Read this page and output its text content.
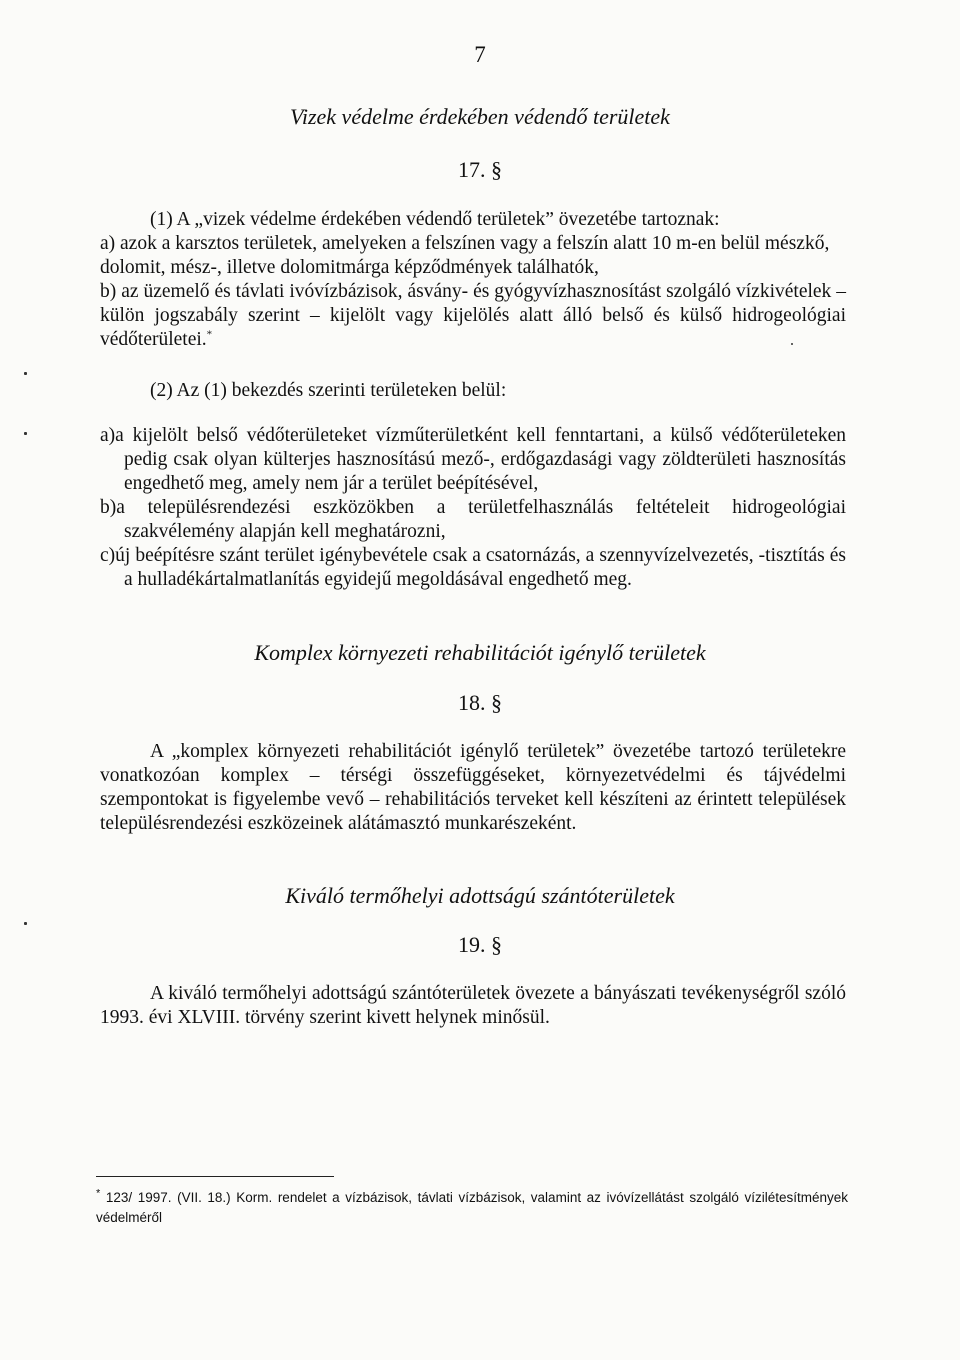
7
Vizek védelme érdekében védendő területek
17. §
(1) A „vizek védelme érdekében védendő területek” övezetébe tartoznak:
a) azok a karsztos területek, amelyeken a felszínen vagy a felszín alatt 10 m-en belül mészkő, dolomit, mész-, illetve dolomitmárga képződmények találhatók,
b) az üzemelő és távlati ivóvízbázisok, ásvány- és gyógyvízhasznosítást szolgáló vízkivételek – külön jogszabály szerint – kijelölt vagy kijelölés alatt álló belső és külső hidrogeológiai védőterületei.*
(2) Az (1) bekezdés szerinti területeken belül:
a)a kijelölt belső védőterületeket vízműterületként kell fenntartani, a külső védőterületeken pedig csak olyan külterjes hasznosítású mező-, erdőgazdasági vagy zöldterületi hasznosítás engedhető meg, amely nem jár a terület beépítésével,
b)a településrendezési eszközökben a területfelhasználás feltételeit hidrogeológiai szakvélemény alapján kell meghatározni,
c)új beépítésre szánt terület igénybevétele csak a csatornázás, a szennyvízelvezetés, -tisztítás és a hulladékártalmatlanítás egyidejű megoldásával engedhető meg.
Komplex környezeti rehabilitációt igénylő területek
18. §
A „komplex környezeti rehabilitációt igénylő területek” övezetébe tartozó területekre vonatkozóan komplex – térségi összefüggéseket, környezetvédelmi és tájvédelmi szempontokat is figyelembe vevő – rehabilitációs terveket kell készíteni az érintett települések településrendezési eszközeinek alátámasztó munkarészeként.
Kiváló termőhelyi adottságú szántóterületek
19. §
A kiváló termőhelyi adottságú szántóterületek övezete a bányászati tevékenységről szóló 1993. évi XLVIII. törvény szerint kivett helynek minősül.
* 123/ 1997. (VII. 18.) Korm. rendelet a vízbázisok, távlati vízbázisok, valamint az ivóvízellátást szolgáló vízilétesítmények védelméről
